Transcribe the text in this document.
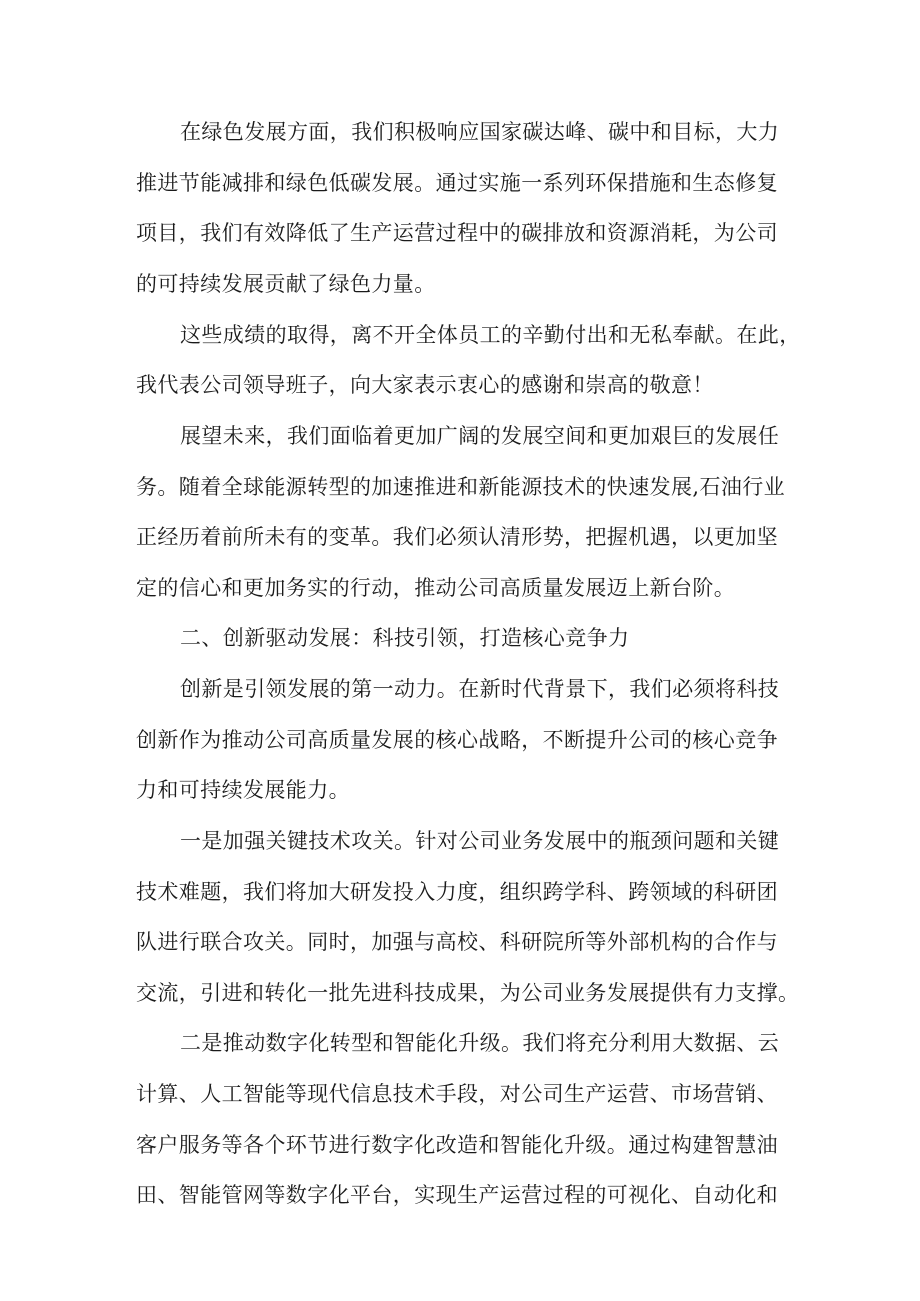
在绿色发展方面，我们积极响应国家碳达峰、碳中和目标，大力
推进节能减排和绿色低碳发展。通过实施一系列环保措施和生态修复
项目，我们有效降低了生产运营过程中的碳排放和资源消耗，为公司
的可持续发展贡献了绿色力量。
这些成绩的取得，离不开全体员工的辛勤付出和无私奉献。在此，
我代表公司领导班子，向大家表示衷心的感谢和崇高的敬意！
展望未来，我们面临着更加广阔的发展空间和更加艰巨的发展任
务。随着全球能源转型的加速推进和新能源技术的快速发展,石油行业
正经历着前所未有的变革。我们必须认清形势，把握机遇，以更加坚
定的信心和更加务实的行动，推动公司高质量发展迈上新台阶。
二、创新驱动发展：科技引领，打造核心竞争力
创新是引领发展的第一动力。在新时代背景下，我们必须将科技
创新作为推动公司高质量发展的核心战略，不断提升公司的核心竞争
力和可持续发展能力。
一是加强关键技术攻关。针对公司业务发展中的瓶颈问题和关键
技术难题，我们将加大研发投入力度，组织跨学科、跨领域的科研团
队进行联合攻关。同时，加强与高校、科研院所等外部机构的合作与
交流，引进和转化一批先进科技成果，为公司业务发展提供有力支撑。
二是推动数字化转型和智能化升级。我们将充分利用大数据、云
计算、人工智能等现代信息技术手段，对公司生产运营、市场营销、
客户服务等各个环节进行数字化改造和智能化升级。通过构建智慧油
田、智能管网等数字化平台，实现生产运营过程的可视化、自动化和
